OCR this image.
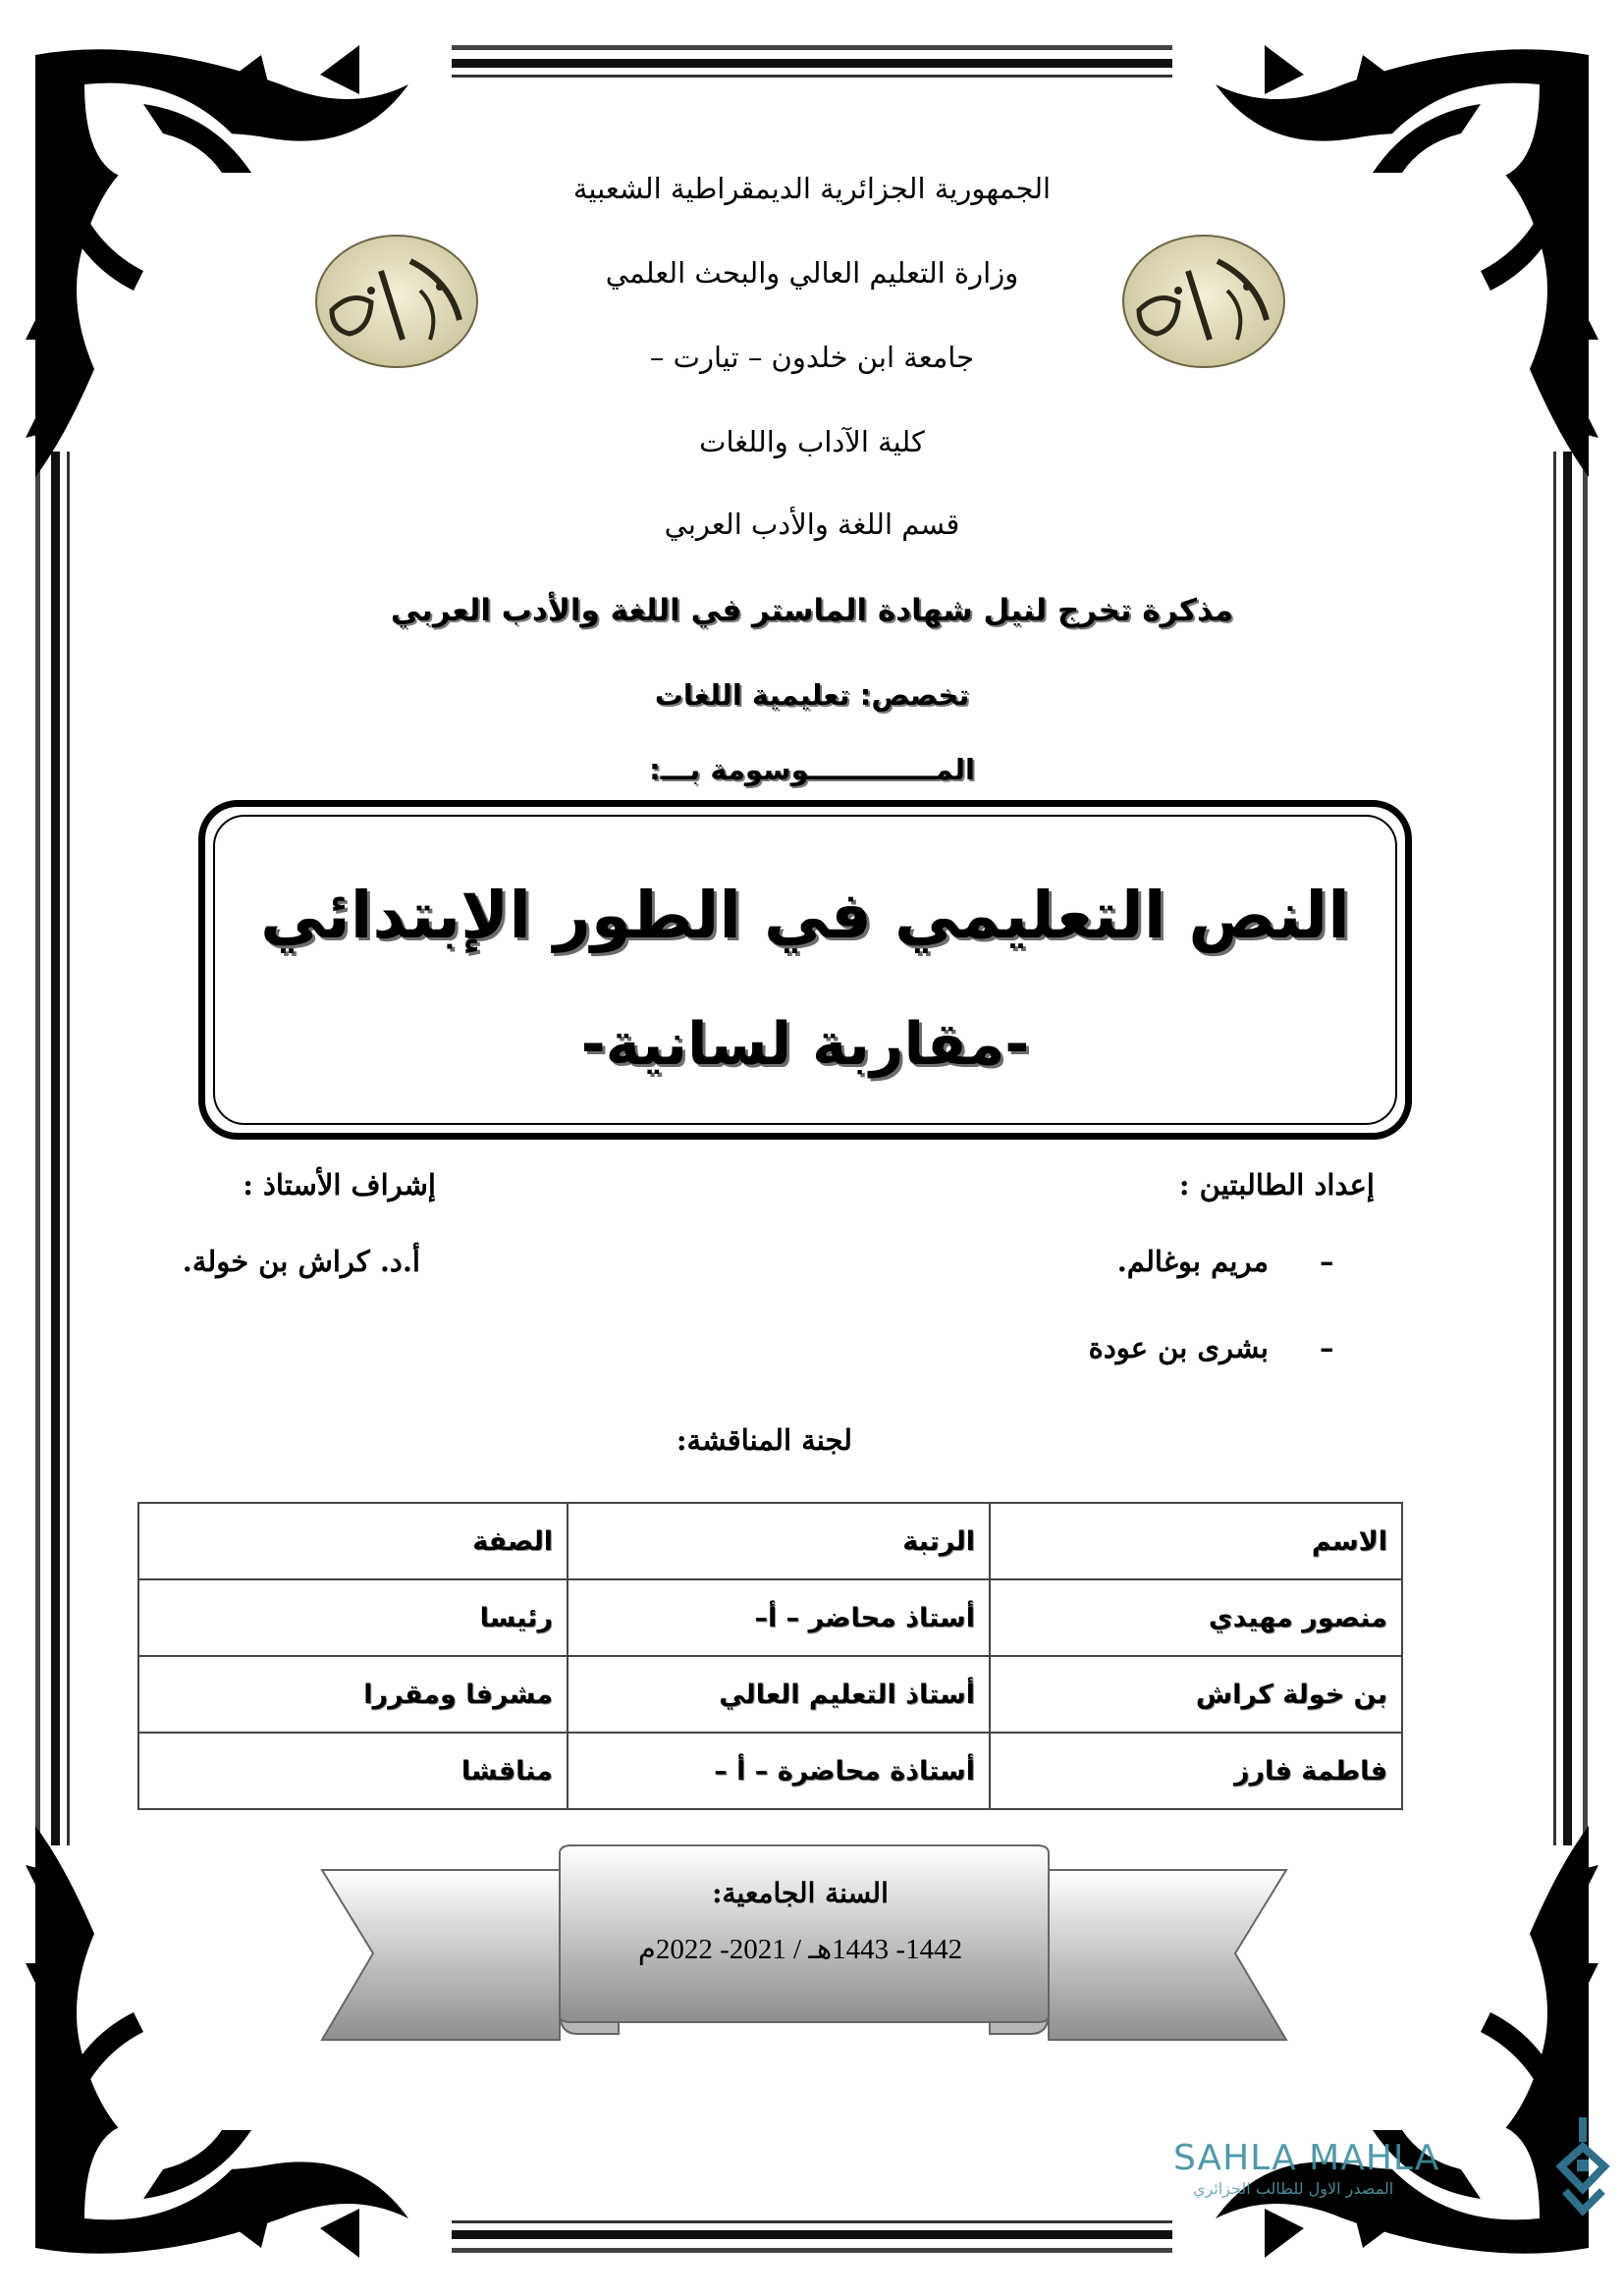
الجمهورية الجزائرية الديمقراطية الشعبية
وزارة التعليم العالي والبحث العلمي
جامعة ابن خلدون – تيارت –
كلية الآداب واللغات
قسم اللغة والأدب العربي
مذكرة تخرج لنيل شهادة الماستر في اللغة والأدب العربي
تخصص: تعليمية اللغات
المـــــــــــــوسومة بـــ:
النص التعليمي في الطور الإبتدائي
-مقاربة لسانية-
إعداد الطالبتين :
–
مريم بوغالم.
–
بشرى بن عودة
إشراف الأستاذ :
أ.د. كراش بن خولة.
لجنة المناقشة:
الاسم	الرتبة	الصفة
منصور مهيدي	أستاذ محاضر – أ–	رئيسا
بن خولة كراش	أستاذ التعليم العالي	مشرفا ومقررا
فاطمة فارز	أستاذة محاضرة – أ –	مناقشا
السنة الجامعية:
1442- 1443هـ / 2021- 2022م
SAHLA MAHLA
المصدر الاول للطالب الجزائري
